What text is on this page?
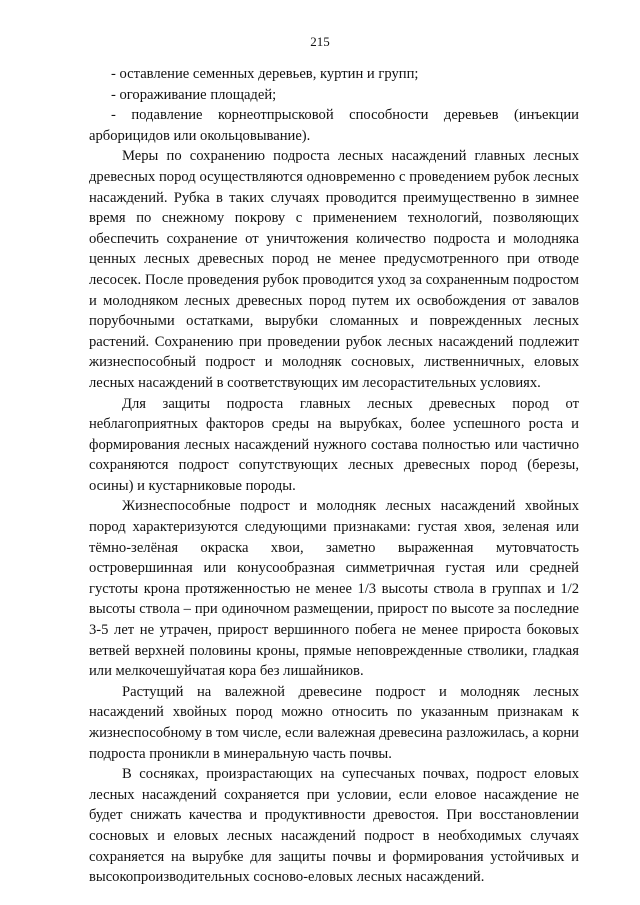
215

- оставление семенных деревьев, куртин и групп;

- огораживание площадей;

- подавление корнеотпрысковой способности деревьев (инъекции арборицидов или окольцовывание).

Меры по сохранению подроста лесных насаждений главных лесных древесных пород осуществляются одновременно с проведением рубок лесных насаждений. Рубка в таких случаях проводится преимущественно в зимнее время по снежному покрову с применением технологий, позволяющих обеспечить сохранение от уничтожения количество подроста и молодняка ценных лесных древесных пород не менее предусмотренного при отводе лесосек. После проведения рубок проводится уход за сохраненным подростом и молодняком лесных древесных пород путем их освобождения от завалов порубочными остатками, вырубки сломанных и поврежденных лесных растений. Сохранению при проведении рубок лесных насаждений подлежит жизнеспособный подрост и молодняк сосновых, лиственничных, еловых лесных насаждений в соответствующих им лесорастительных условиях.

Для защиты подроста главных лесных древесных пород от неблагоприятных факторов среды на вырубках, более успешного роста и формирования лесных насаждений нужного состава полностью или частично сохраняются подрост сопутствующих лесных древесных пород (березы, осины) и кустарниковые породы.

Жизнеспособные подрост и молодняк лесных насаждений хвойных пород характеризуются следующими признаками: густая хвоя, зеленая или тёмно-зелёная окраска хвои, заметно выраженная мутовчатость островершинная или конусообразная симметричная густая или средней густоты крона протяженностью не менее 1/3 высоты ствола в группах и 1/2 высоты ствола – при одиночном размещении, прирост по высоте за последние 3-5 лет не утрачен, прирост вершинного побега не менее прироста боковых ветвей верхней половины кроны, прямые неповрежденные стволики, гладкая или мелкочешуйчатая кора без лишайников.

Растущий на валежной древесине подрост и молодняк лесных насаждений хвойных пород можно относить по указанным признакам к жизнеспособному в том числе, если валежная древесина разложилась, а корни подроста проникли в минеральную часть почвы.

В сосняках, произрастающих на супесчаных почвах, подрост еловых лесных насаждений сохраняется при условии, если еловое насаждение не будет снижать качества и продуктивности древостоя. При восстановлении сосновых и еловых лесных насаждений подрост в необходимых случаях сохраняется на вырубке для защиты почвы и формирования устойчивых и высокопроизводительных сосново-еловых лесных насаждений.
